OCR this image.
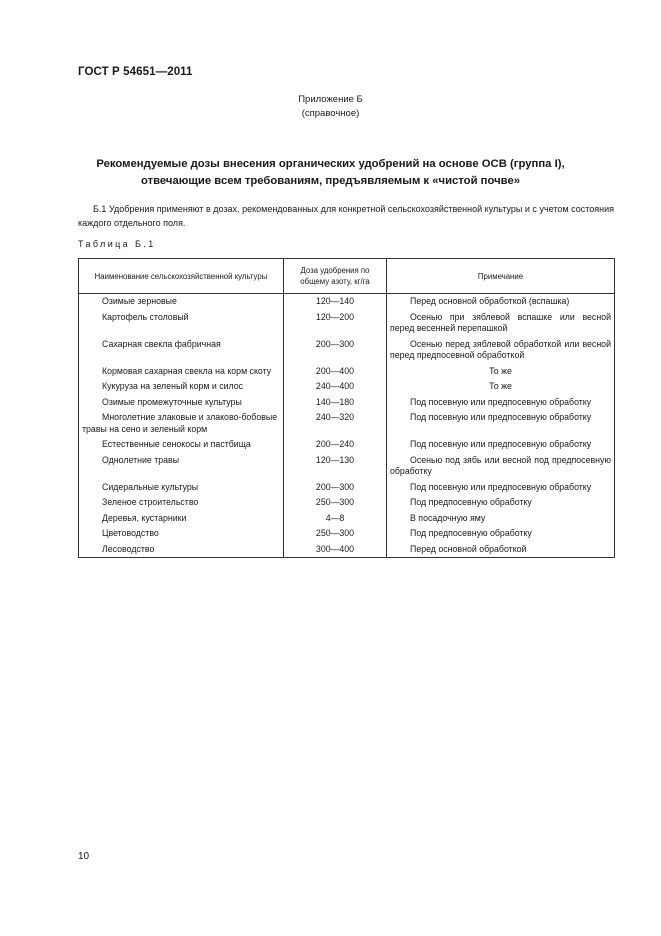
ГОСТ Р 54651—2011
Приложение Б
(справочное)
Рекомендуемые дозы внесения органических удобрений на основе ОСВ (группа I),
отвечающие всем требованиям, предъявляемым к «чистой почве»
Б.1 Удобрения применяют в дозах, рекомендованных для конкретной сельскохозяйственной культуры и с учетом состояния каждого отдельного поля.
Таблица Б.1
Наименование сельскохозяйственной культуры	Доза удобрения по общему азоту, кг/га	Примечание
Озимые зерновые	120—140	Перед основной обработкой (вспашка)
Картофель столовый	120—200	Осенью при зяблевой вспашке или весной перед весенней перепашкой
Сахарная свекла фабричная	200—300	Осенью перед зяблевой обработкой или весной перед предпосевной обработкой
Кормовая сахарная свекла на корм скоту	200—400	То же
Кукуруза на зеленый корм и силос	240—400	То же
Озимые промежуточные культуры	140—180	Под посевную или предпосевную обработку
Многолетние злаковые и злаково-бобовые травы на сено и зеленый корм	240—320	Под посевную или предпосевную обработку
Естественные сенокосы и пастбища	200—240	Под посевную или предпосевную обработку
Однолетние травы	120—130	Осенью под зябь или весной под предпосевную обработку
Сидеральные культуры	200—300	Под посевную или предпосевную обработку
Зеленое строительство	250—300	Под предпосевную обработку
Деревья, кустарники	4—8	В посадочную яму
Цветоводство	250—300	Под предпосевную обработку
Лесоводство	300—400	Перед основной обработкой
10
